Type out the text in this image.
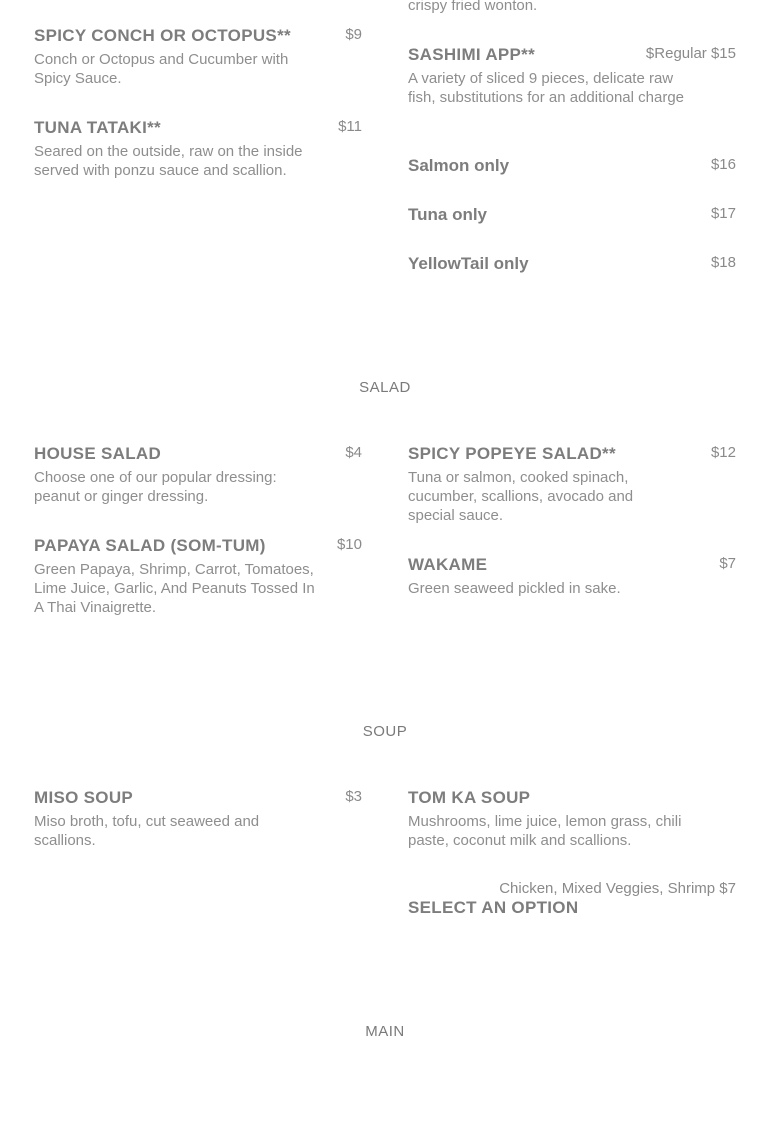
crispy fried wonton.
SPICY CONCH OR OCTOPUS**	$9
Conch or Octopus and Cucumber with Spicy Sauce.
TUNA TATAKI**	$11
Seared on the outside, raw on the inside served with ponzu sauce and scallion.
SASHIMI APP**	$Regular $15
A variety of sliced 9 pieces, delicate raw fish, substitutions for an additional charge
Salmon only	$16
Tuna only	$17
YellowTail only	$18
SALAD
HOUSE SALAD	$4
Choose one of our popular dressing: peanut or ginger dressing.
PAPAYA SALAD (SOM-TUM)	$10
Green Papaya, Shrimp, Carrot, Tomatoes, Lime Juice, Garlic, And Peanuts Tossed In A Thai Vinaigrette.
SPICY POPEYE SALAD**	$12
Tuna or salmon, cooked spinach, cucumber, scallions, avocado and special sauce.
WAKAME	$7
Green seaweed pickled in sake.
SOUP
MISO SOUP	$3
Miso broth, tofu, cut seaweed and scallions.
TOM KA SOUP
Mushrooms, lime juice, lemon grass, chili paste, coconut milk and scallions.
Chicken, Mixed Veggies, Shrimp $7
SELECT AN OPTION
MAIN
